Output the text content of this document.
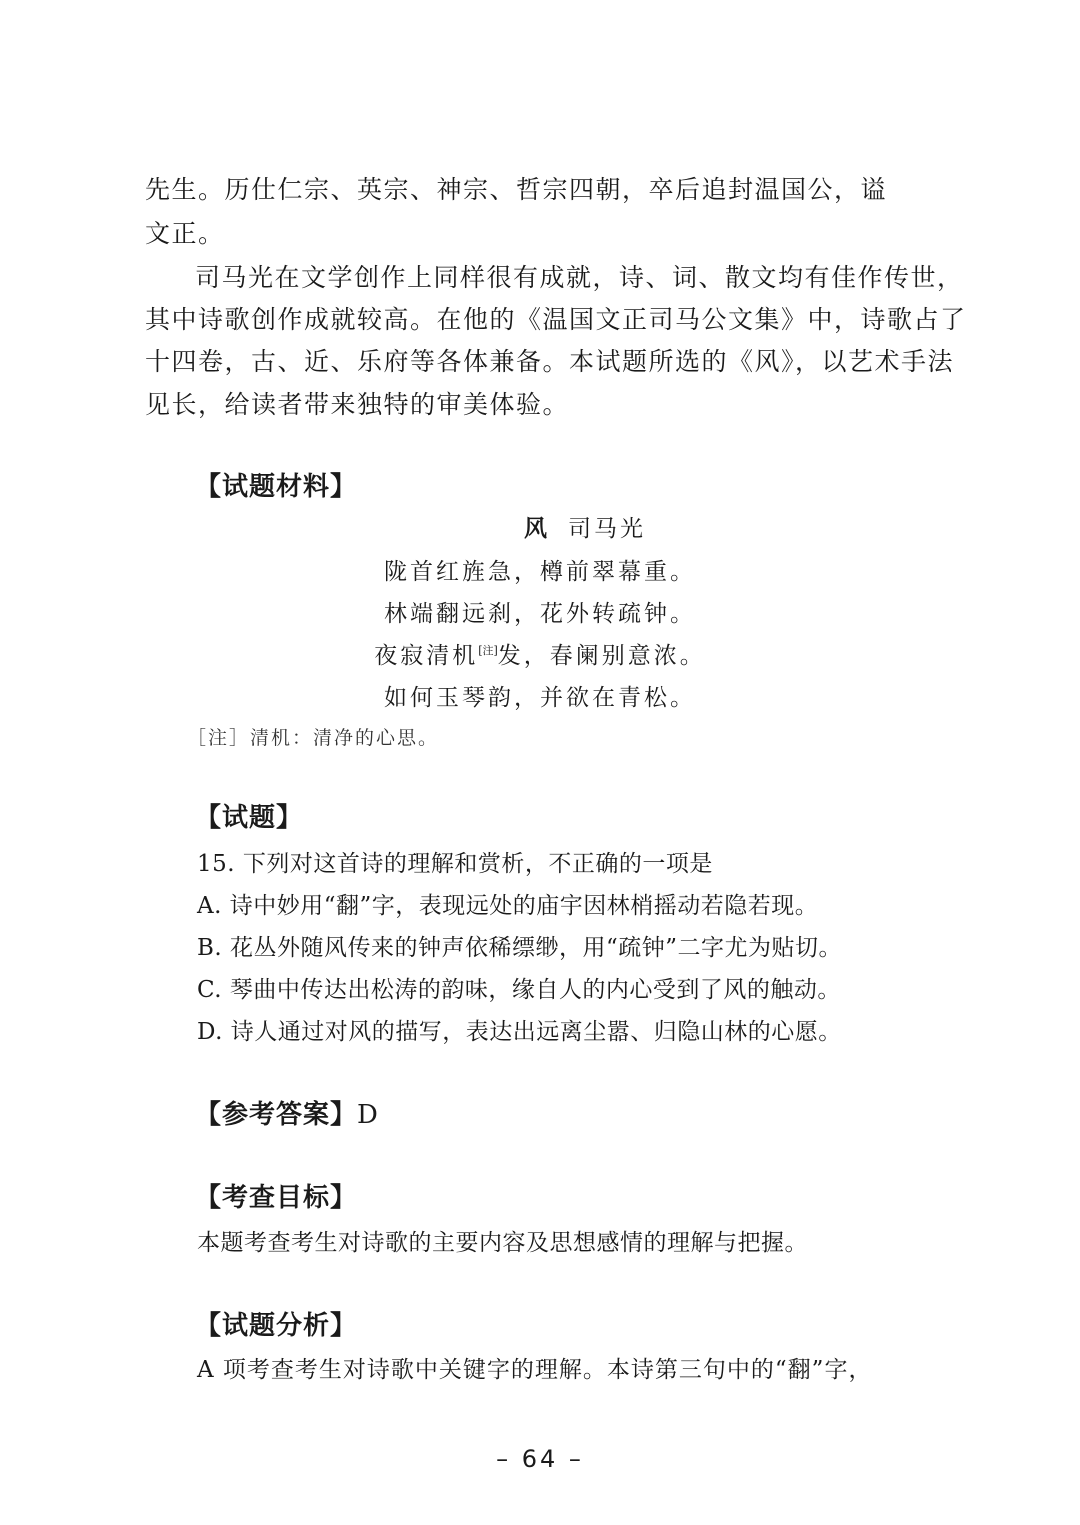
先生。历仕仁宗、英宗、神宗、哲宗四朝，卒后追封温国公，谥
文正。
司马光在文学创作上同样很有成就，诗、词、散文均有佳作传世，
其中诗歌创作成就较高。在他的《温国文正司马公文集》中，诗歌占了
十四卷，古、近、乐府等各体兼备。本试题所选的《风》，以艺术手法
见长，给读者带来独特的审美体验。
【试题材料】
风 司马光
陇首红旌急，樽前翠幕重。
林端翻远刹，花外转疏钟。
夜寂清机[注]发，春阑别意浓。
如何玉琴韵，并欲在青松。
［注］清机：清净的心思。
【试题】
15. 下列对这首诗的理解和赏析，不正确的一项是
A. 诗中妙用“翻”字，表现远处的庙宇因林梢摇动若隐若现。
B. 花丛外随风传来的钟声依稀缥缈，用“疏钟”二字尤为贴切。
C. 琴曲中传达出松涛的韵味，缘自人的内心受到了风的触动。
D. 诗人通过对风的描写，表达出远离尘嚣、归隐山林的心愿。
【参考答案】D
【考查目标】
本题考查考生对诗歌的主要内容及思想感情的理解与把握。
【试题分析】
A 项考查考生对诗歌中关键字的理解。本诗第三句中的“翻”字，
– 64 –
